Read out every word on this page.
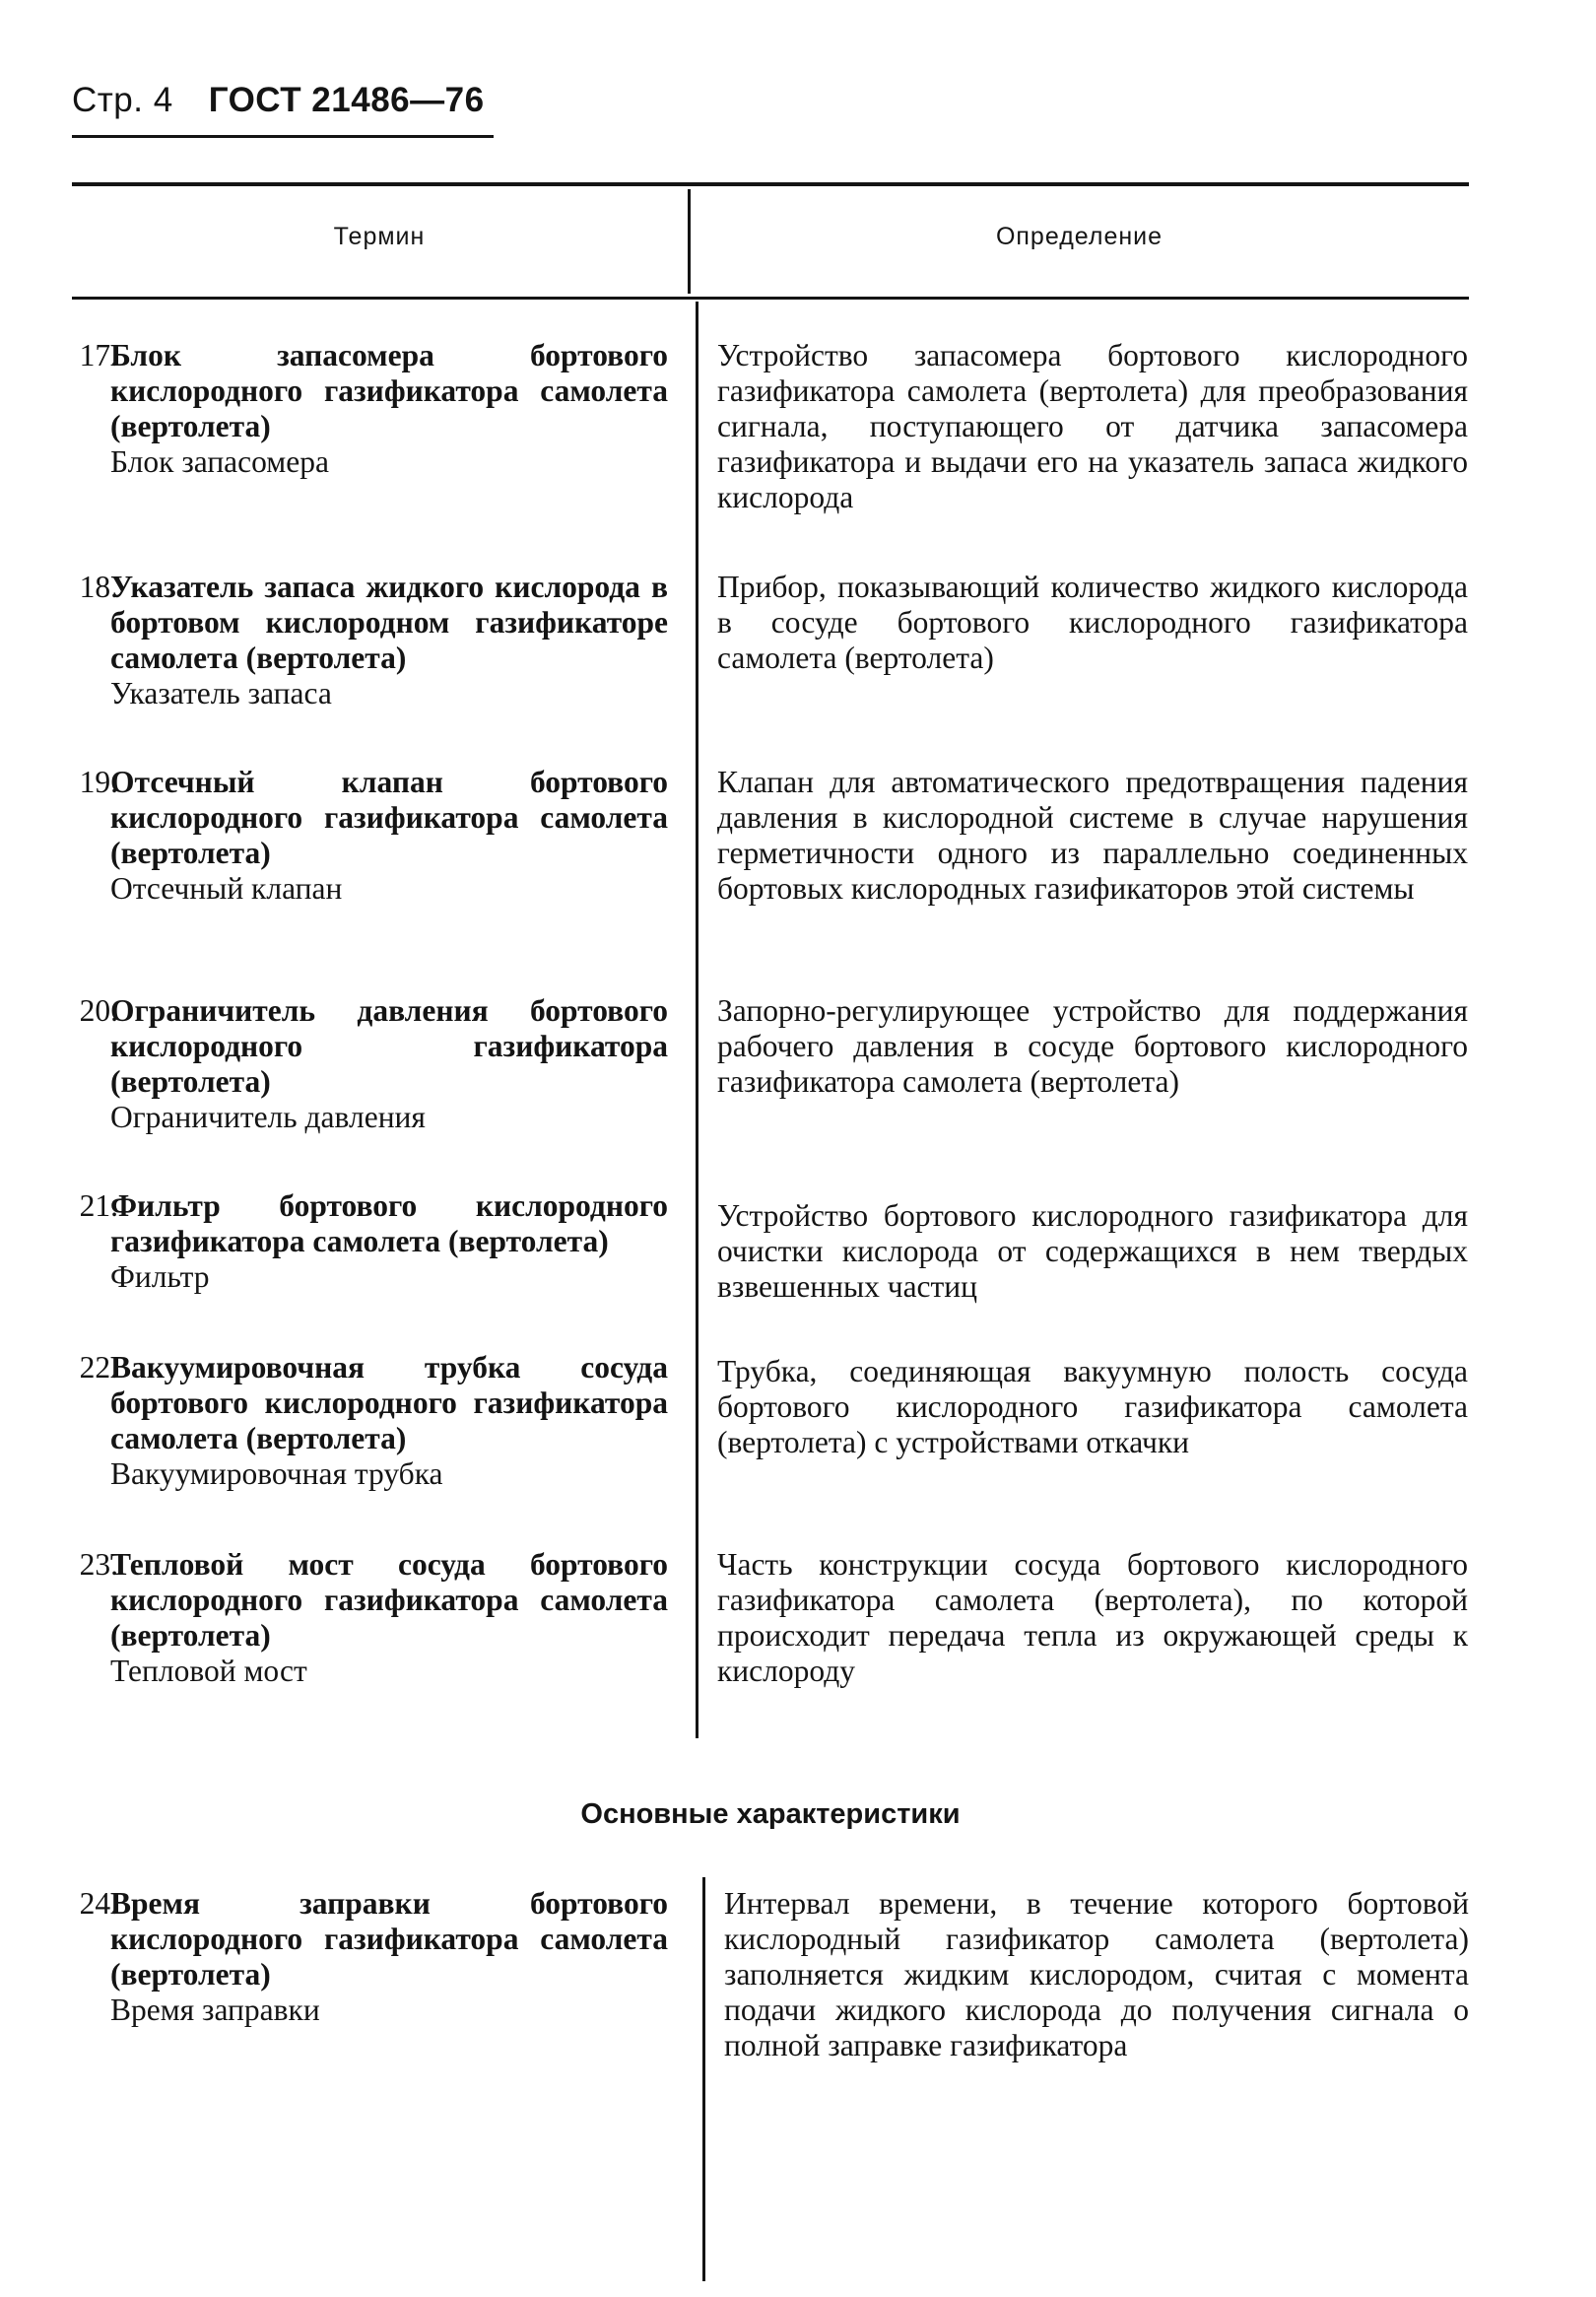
Стр. 4 ГОСТ 21486—76
Термин	Определение
17.
Блок запасомера бортового кислородного газификатора самолета (вертолета)
Блок запасомера
Устройство запасомера бортового кислородного газификатора самолета (вертолета) для преобразования сигнала, поступающего от датчика запасомера газификатора и выдачи его на указатель запаса жидкого кислорода
18.
Указатель запаса жидкого кислорода в бортовом кислородном газификаторе самолета (вертолета)
Указатель запаса
Прибор, показывающий количество жидкого кислорода в сосуде бортового кислородного газификатора самолета (вертолета)
19.
Отсечный клапан бортового кислородного газификатора самолета (вертолета)
Отсечный клапан
Клапан для автоматического предотвращения падения давления в кислородной системе в случае нарушения герметичности одного из параллельно соединенных бортовых кислородных газификаторов этой системы
20.
Ограничитель давления бортового кислородного газификатора (вертолета)
Ограничитель давления
Запорно-регулирующее устройство для поддержания рабочего давления в сосуде бортового кислородного газификатора самолета (вертолета)
21.
Фильтр бортового кислородного газификатора самолета (вертолета)
Фильтр
Устройство бортового кислородного газификатора для очистки кислорода от содержащихся в нем твердых взвешенных частиц
22.
Вакуумировочная трубка сосуда бортового кислородного газификатора самолета (вертолета)
Вакуумировочная трубка
Трубка, соединяющая вакуумную полость сосуда бортового кислородного газификатора самолета (вертолета) с устройствами откачки
23.
Тепловой мост сосуда бортового кислородного газификатора самолета (вертолета)
Тепловой мост
Часть конструкции сосуда бортового кислородного газификатора самолета (вертолета), по которой происходит передача тепла из окружающей среды к кислороду
Основные характеристики
24.
Время заправки бортового кислородного газификатора самолета (вертолета)
Время заправки
Интервал времени, в течение которого бортовой кислородный газификатор самолета (вертолета) заполняется жидким кислородом, считая с момента подачи жидкого кислорода до получения сигнала о полной заправке газификатора
